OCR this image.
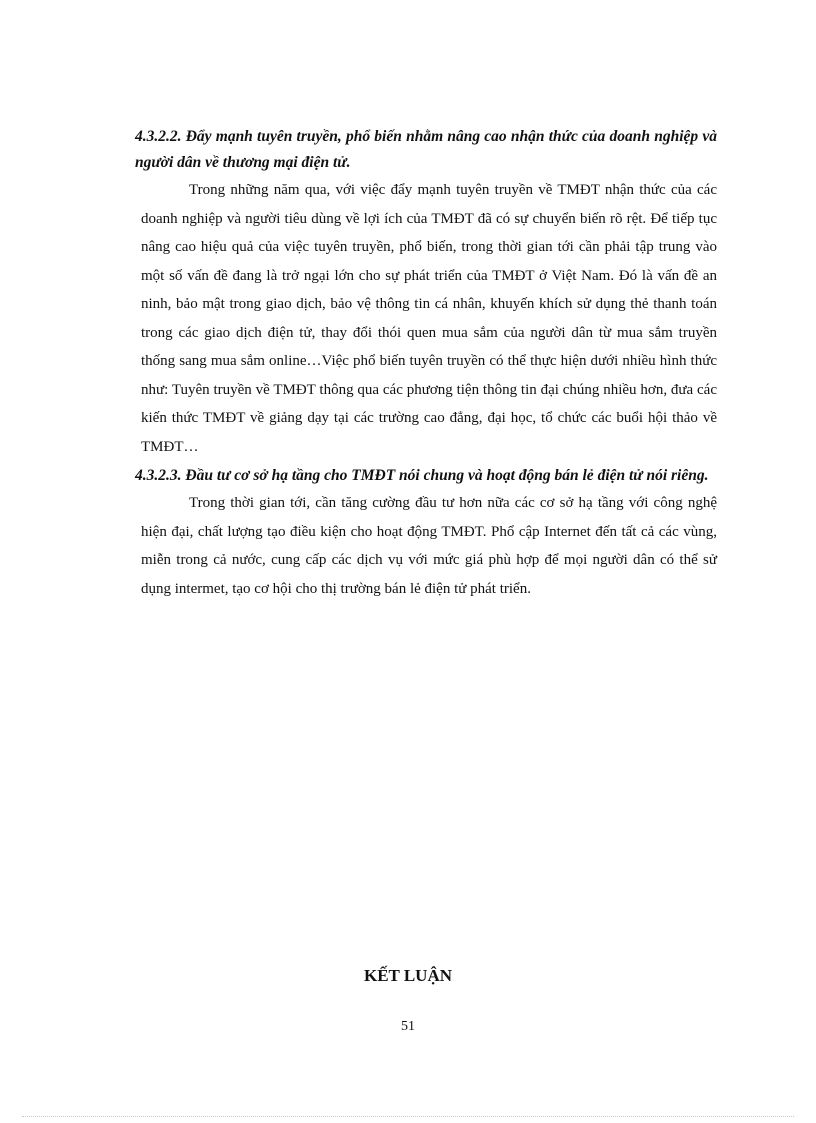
4.3.2.2. Đẩy mạnh tuyên truyền, phổ biến nhằm nâng cao nhận thức của doanh nghiệp và người dân về thương mại điện tử.

Trong những năm qua, với việc đẩy mạnh tuyên truyền về TMĐT nhận thức của các doanh nghiệp và người tiêu dùng về lợi ích của TMĐT đã có sự chuyển biến rõ rệt. Để tiếp tục nâng cao hiệu quả của việc tuyên truyền, phổ biến, trong thời gian tới cần phải tập trung vào một số vấn đề đang là trở ngại lớn cho sự phát triển của TMĐT ở Việt Nam. Đó là vấn đề an ninh, bảo mật trong giao dịch, bảo vệ thông tin cá nhân, khuyến khích sử dụng thẻ thanh toán trong các giao dịch điện tử, thay đổi thói quen mua sắm của người dân từ mua sắm truyền thống sang mua sắm online…Việc phổ biến tuyên truyền có thể thực hiện dưới nhiều hình thức như: Tuyên truyền về TMĐT thông qua các phương tiện thông tin đại chúng nhiều hơn, đưa các kiến thức TMĐT về giảng dạy tại các trường cao đẳng, đại học, tổ chức các buổi hội thảo về TMĐT…

4.3.2.3. Đầu tư cơ sở hạ tầng cho TMĐT nói chung và hoạt động bán lẻ điện tử nói riêng.

Trong thời gian tới, cần tăng cường đầu tư hơn nữa các cơ sở hạ tầng với công nghệ hiện đại, chất lượng tạo điều kiện cho hoạt động TMĐT. Phổ cập Internet đến tất cả các vùng, miễn trong cả nước, cung cấp các dịch vụ với mức giá phù hợp để mọi người dân có thể sử dụng intermet, tạo cơ hội cho thị trường bán lẻ điện tử phát triển.

KẾT LUẬN

51
